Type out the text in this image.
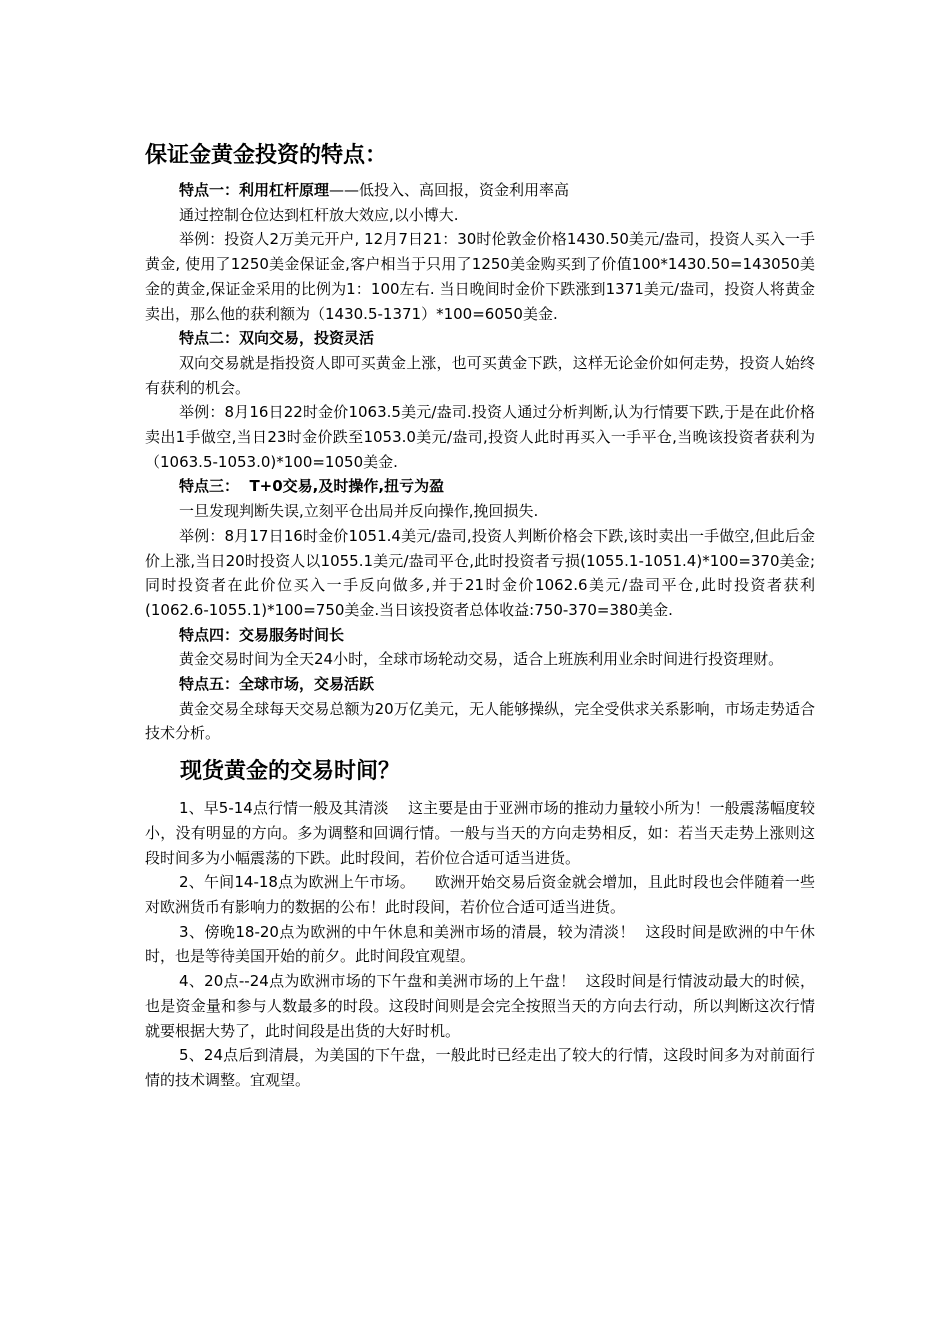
保证金黄金投资的特点：

特点一：利用杠杆原理——低投入、高回报，资金利用率高

通过控制仓位达到杠杆放大效应,以小博大.

举例：投资人2万美元开户, 12月7日21：30时伦敦金价格1430.50美元/盎司，投资人买入一手黄金, 使用了1250美金保证金,客户相当于只用了1250美金购买到了价值100*1430.50=143050美金的黄金,保证金采用的比例为1：100左右. 当日晚间时金价下跌涨到1371美元/盎司，投资人将黄金卖出，那么他的获利额为（1430.5-1371）*100=6050美金.

特点二：双向交易，投资灵活

双向交易就是指投资人即可买黄金上涨，也可买黄金下跌，这样无论金价如何走势，投资人始终有获利的机会。

举例：8月16日22时金价1063.5美元/盎司.投资人通过分析判断,认为行情要下跌,于是在此价格卖出1手做空,当日23时金价跌至1053.0美元/盎司,投资人此时再买入一手平仓,当晚该投资者获利为（1063.5-1053.0)*100=1050美金.

特点三：  T+0交易,及时操作,扭亏为盈

一旦发现判断失误,立刻平仓出局并反向操作,挽回损失.

举例：8月17日16时金价1051.4美元/盎司,投资人判断价格会下跌,该时卖出一手做空,但此后金价上涨,当日20时投资人以1055.1美元/盎司平仓,此时投资者亏损(1055.1-1051.4)*100=370美金;同时投资者在此价位买入一手反向做多,并于21时金价1062.6美元/盎司平仓,此时投资者获利(1062.6-1055.1)*100=750美金.当日该投资者总体收益:750-370=380美金.

特点四：交易服务时间长

黄金交易时间为全天24小时，全球市场轮动交易，适合上班族利用业余时间进行投资理财。

特点五：全球市场，交易活跃

黄金交易全球每天交易总额为20万亿美元，无人能够操纵，完全受供求关系影响，市场走势适合技术分析。

现货黄金的交易时间？

1、早5-14点行情一般及其清淡    这主要是由于亚洲市场的推动力量较小所为！一般震荡幅度较小，没有明显的方向。多为调整和回调行情。一般与当天的方向走势相反，如：若当天走势上涨则这段时间多为小幅震荡的下跌。此时段间，若价位合适可适当进货。

2、午间14-18点为欧洲上午市场。    欧洲开始交易后资金就会增加，且此时段也会伴随着一些对欧洲货币有影响力的数据的公布！此时段间，若价位合适可适当进货。

3、傍晚18-20点为欧洲的中午休息和美洲市场的清晨，较为清淡！  这段时间是欧洲的中午休时，也是等待美国开始的前夕。此时间段宜观望。

4、20点--24点为欧洲市场的下午盘和美洲市场的上午盘！  这段时间是行情波动最大的时候，也是资金量和参与人数最多的时段。这段时间则是会完全按照当天的方向去行动，所以判断这次行情就要根据大势了，此时间段是出货的大好时机。

5、24点后到清晨，为美国的下午盘，一般此时已经走出了较大的行情，这段时间多为对前面行情的技术调整。宜观望。
